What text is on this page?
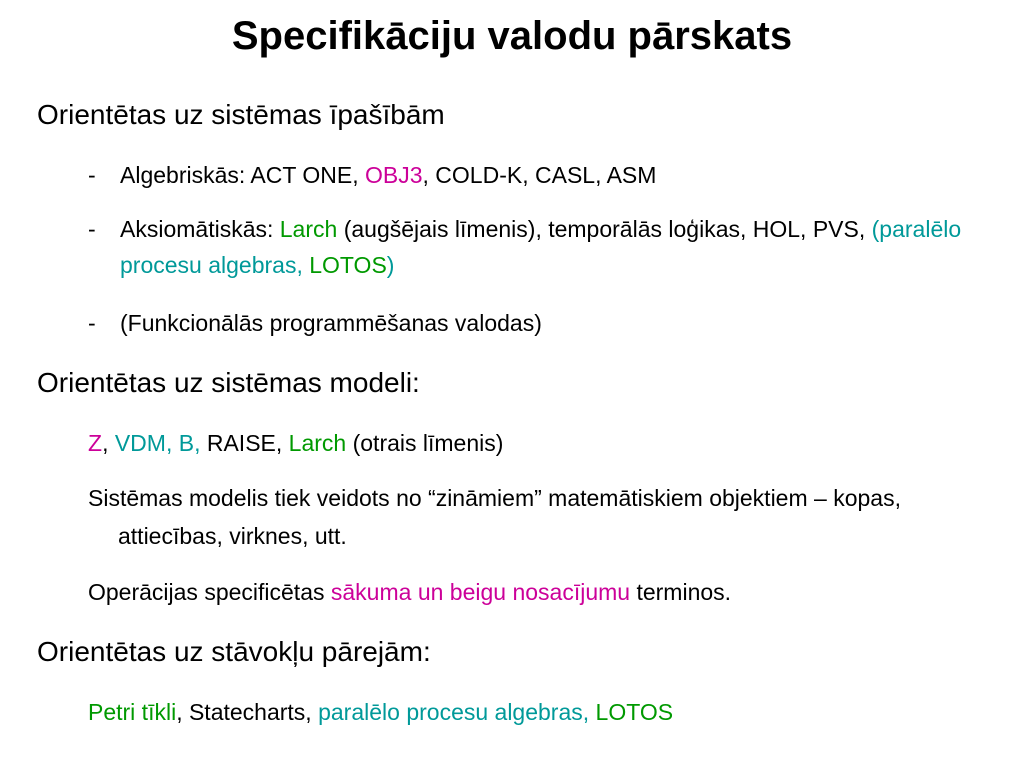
Specifikāciju valodu pārskats
Orientētas uz sistēmas īpašībām
-	Algebriskās: ACT ONE, OBJ3, COLD-K, CASL, ASM
-	Aksiomātiskās: Larch (augšējais līmenis), temporālās loģikas, HOL, PVS, (paralēlo procesu algebras, LOTOS)
-	(Funkcionālās programmēšanas valodas)
Orientētas uz sistēmas modeli:
Z, VDM, B, RAISE, Larch (otrais līmenis)
Sistēmas modelis tiek veidots no “zināmiem” matemātiskiem objektiem – kopas, attiecības, virknes, utt.
Operācijas specificētas sākuma un beigu nosacījumu terminos.
Orientētas uz stāvokļu pārejām:
Petri tīkli, Statecharts, paralēlo procesu algebras, LOTOS
